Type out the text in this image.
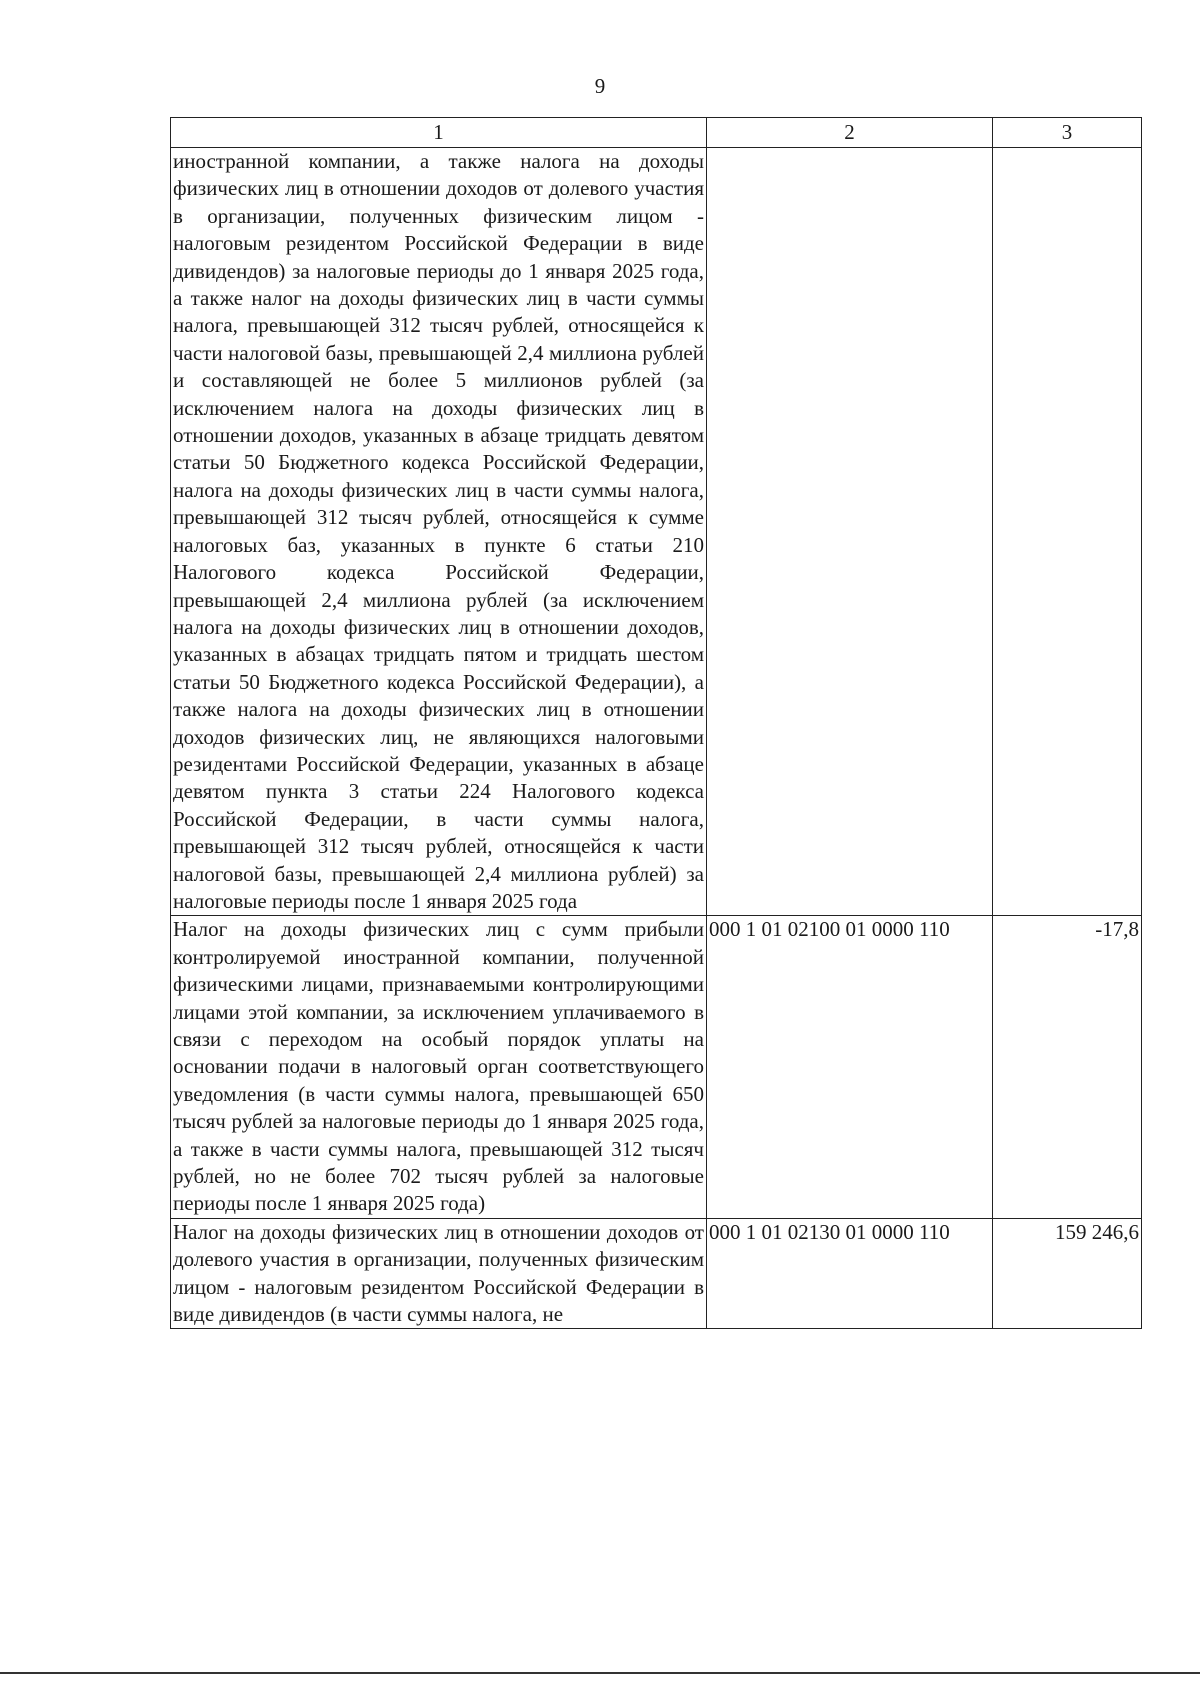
9
1	2	3
иностранной компании, а также налога на доходы физических лиц в отношении доходов от долевого участия в организации, полученных физическим лицом - налоговым резидентом Российской Федерации в виде дивидендов) за налоговые периоды до 1 января 2025 года, а также налог на доходы физических лиц в части суммы налога, превышающей 312 тысяч рублей, относящейся к части налоговой базы, превышающей 2,4 миллиона рублей и составляющей не более 5 миллионов рублей (за исключением налога на доходы физических лиц в отношении доходов, указанных в абзаце тридцать девятом статьи 50 Бюджетного кодекса Российской Федерации, налога на доходы физических лиц в части суммы налога, превышающей 312 тысяч рублей, относящейся к сумме налоговых баз, указанных в пункте 6 статьи 210 Налогового кодекса Российской Федерации, превышающей 2,4 миллиона рублей (за исключением налога на доходы физических лиц в отношении доходов, указанных в абзацах тридцать пятом и тридцать шестом статьи 50 Бюджетного кодекса Российской Федерации), а также налога на доходы физических лиц в отношении доходов физических лиц, не являющихся налоговыми резидентами Российской Федерации, указанных в абзаце девятом пункта 3 статьи 224 Налогового кодекса Российской Федерации, в части суммы налога, превышающей 312 тысяч рублей, относящейся к части налоговой базы, превышающей 2,4 миллиона рублей) за налоговые периоды после 1 января 2025 года		
Налог на доходы физических лиц с сумм прибыли контролируемой иностранной компании, полученной физическими лицами, признаваемыми контролирующими лицами этой компании, за исключением уплачиваемого в связи с переходом на особый порядок уплаты на основании подачи в налоговый орган соответствующего уведомления (в части суммы налога, превышающей 650 тысяч рублей за налоговые периоды до 1 января 2025 года, а также в части суммы налога, превышающей 312 тысяч рублей, но не более 702 тысяч рублей за налоговые периоды после 1 января 2025 года)	000 1 01 02100 01 0000 110	-17,8
Налог на доходы физических лиц в отношении доходов от долевого участия в организации, полученных физическим лицом - налоговым резидентом Российской Федерации в виде дивидендов (в части суммы налога, не	000 1 01 02130 01 0000 110	159 246,6
